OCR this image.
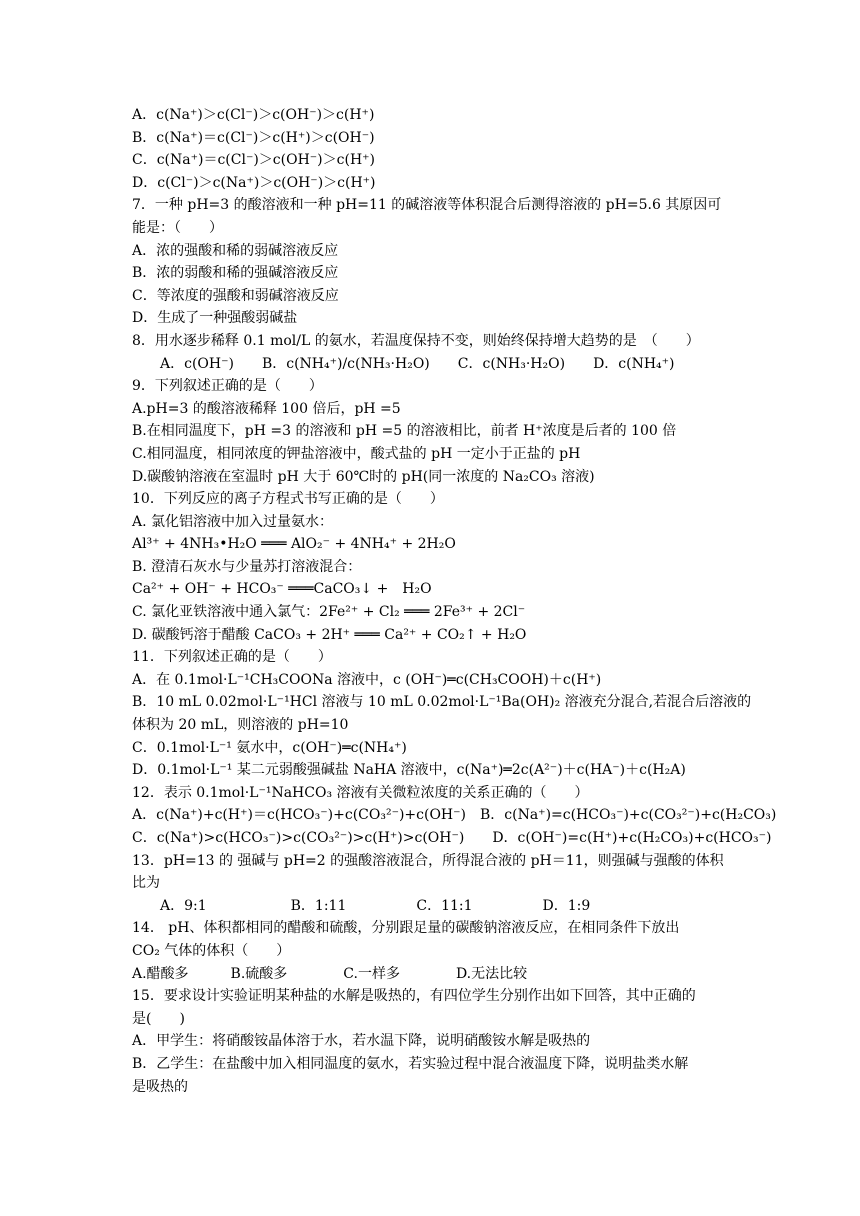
A．c(Na⁺)＞c(Cl⁻)＞c(OH⁻)＞c(H⁺)
B．c(Na⁺)＝c(Cl⁻)＞c(H⁺)＞c(OH⁻)
C．c(Na⁺)＝c(Cl⁻)＞c(OH⁻)＞c(H⁺)
D．c(Cl⁻)＞c(Na⁺)＞c(OH⁻)＞c(H⁺)
7．一种 pH=3 的酸溶液和一种 pH=11 的碱溶液等体积混合后测得溶液的 pH=5.6 其原因可
能是：（　　）
A．浓的强酸和稀的弱碱溶液反应
B．浓的弱酸和稀的强碱溶液反应
C．等浓度的强酸和弱碱溶液反应
D．生成了一种强酸弱碱盐
8．用水逐步稀释 0.1 mol/L 的氨水，若温度保持不变，则始终保持增大趋势的是　（　　）
A．c(OH⁻)　　B．c(NH₄⁺)/c(NH₃·H₂O)　　C．c(NH₃·H₂O)　　D．c(NH₄⁺)
9．下列叙述正确的是（　　）
A.pH=3 的酸溶液稀释 100 倍后，pH =5
B.在相同温度下，pH =3 的溶液和 pH =5 的溶液相比，前者 H⁺浓度是后者的 100 倍
C.相同温度，相同浓度的钾盐溶液中，酸式盐的 pH 一定小于正盐的 pH
D.碳酸钠溶液在室温时 pH 大于 60℃时的 pH(同一浓度的 Na₂CO₃ 溶液)
10．下列反应的离子方程式书写正确的是（　　）
A. 氯化铝溶液中加入过量氨水：
Al³⁺ + 4NH₃•H₂O ═══ AlO₂⁻ + 4NH₄⁺ + 2H₂O
B. 澄清石灰水与少量苏打溶液混合：
Ca²⁺ + OH⁻ + HCO₃⁻ ═══CaCO₃↓ +　H₂O
C. 氯化亚铁溶液中通入氯气：2Fe²⁺ + Cl₂ ═══ 2Fe³⁺ + 2Cl⁻
D. 碳酸钙溶于醋酸 CaCO₃ + 2H⁺ ═══ Ca²⁺ + CO₂↑ + H₂O
11．下列叙述正确的是（　　）
A．在 0.1mol·L⁻¹CH₃COONa 溶液中，c (OH⁻)═c(CH₃COOH)＋c(H⁺)
B．10 mL 0.02mol·L⁻¹HCl 溶液与 10 mL 0.02mol·L⁻¹Ba(OH)₂ 溶液充分混合,若混合后溶液的
体积为 20 mL，则溶液的 pH=10
C．0.1mol·L⁻¹ 氨水中，c(OH⁻)═c(NH₄⁺)
D．0.1mol·L⁻¹ 某二元弱酸强碱盐 NaHA 溶液中，c(Na⁺)═2c(A²⁻)＋c(HA⁻)＋c(H₂A)
12．表示 0.1mol·L⁻¹NaHCO₃ 溶液有关微粒浓度的关系正确的（　　）
A．c(Na⁺)+c(H⁺)＝c(HCO₃⁻)+c(CO₃²⁻)+c(OH⁻)　B．c(Na⁺)=c(HCO₃⁻)+c(CO₃²⁻)+c(H₂CO₃)
C．c(Na⁺)>c(HCO₃⁻)>c(CO₃²⁻)>c(H⁺)>c(OH⁻)　　D．c(OH⁻)=c(H⁺)+c(H₂CO₃)+c(HCO₃⁻)
13．pH=13 的 强碱与 pH=2 的强酸溶液混合，所得混合液的 pH＝11，则强碱与强酸的体积
比为
A．9:1　　　　　　B．1:11　　　　　C．11:1　　　　　D．1:9
14． pH、体积都相同的醋酸和硫酸，分别跟足量的碳酸钠溶液反应，在相同条件下放出
CO₂ 气体的体积（　　）
A.醋酸多　　　B.硫酸多　　　　C.一样多　　　　D.无法比较
15．要求设计实验证明某种盐的水解是吸热的，有四位学生分别作出如下回答，其中正确的
是(　　)
A．甲学生：将硝酸铵晶体溶于水，若水温下降，说明硝酸铵水解是吸热的
B．乙学生：在盐酸中加入相同温度的氨水，若实验过程中混合液温度下降，说明盐类水解
是吸热的
